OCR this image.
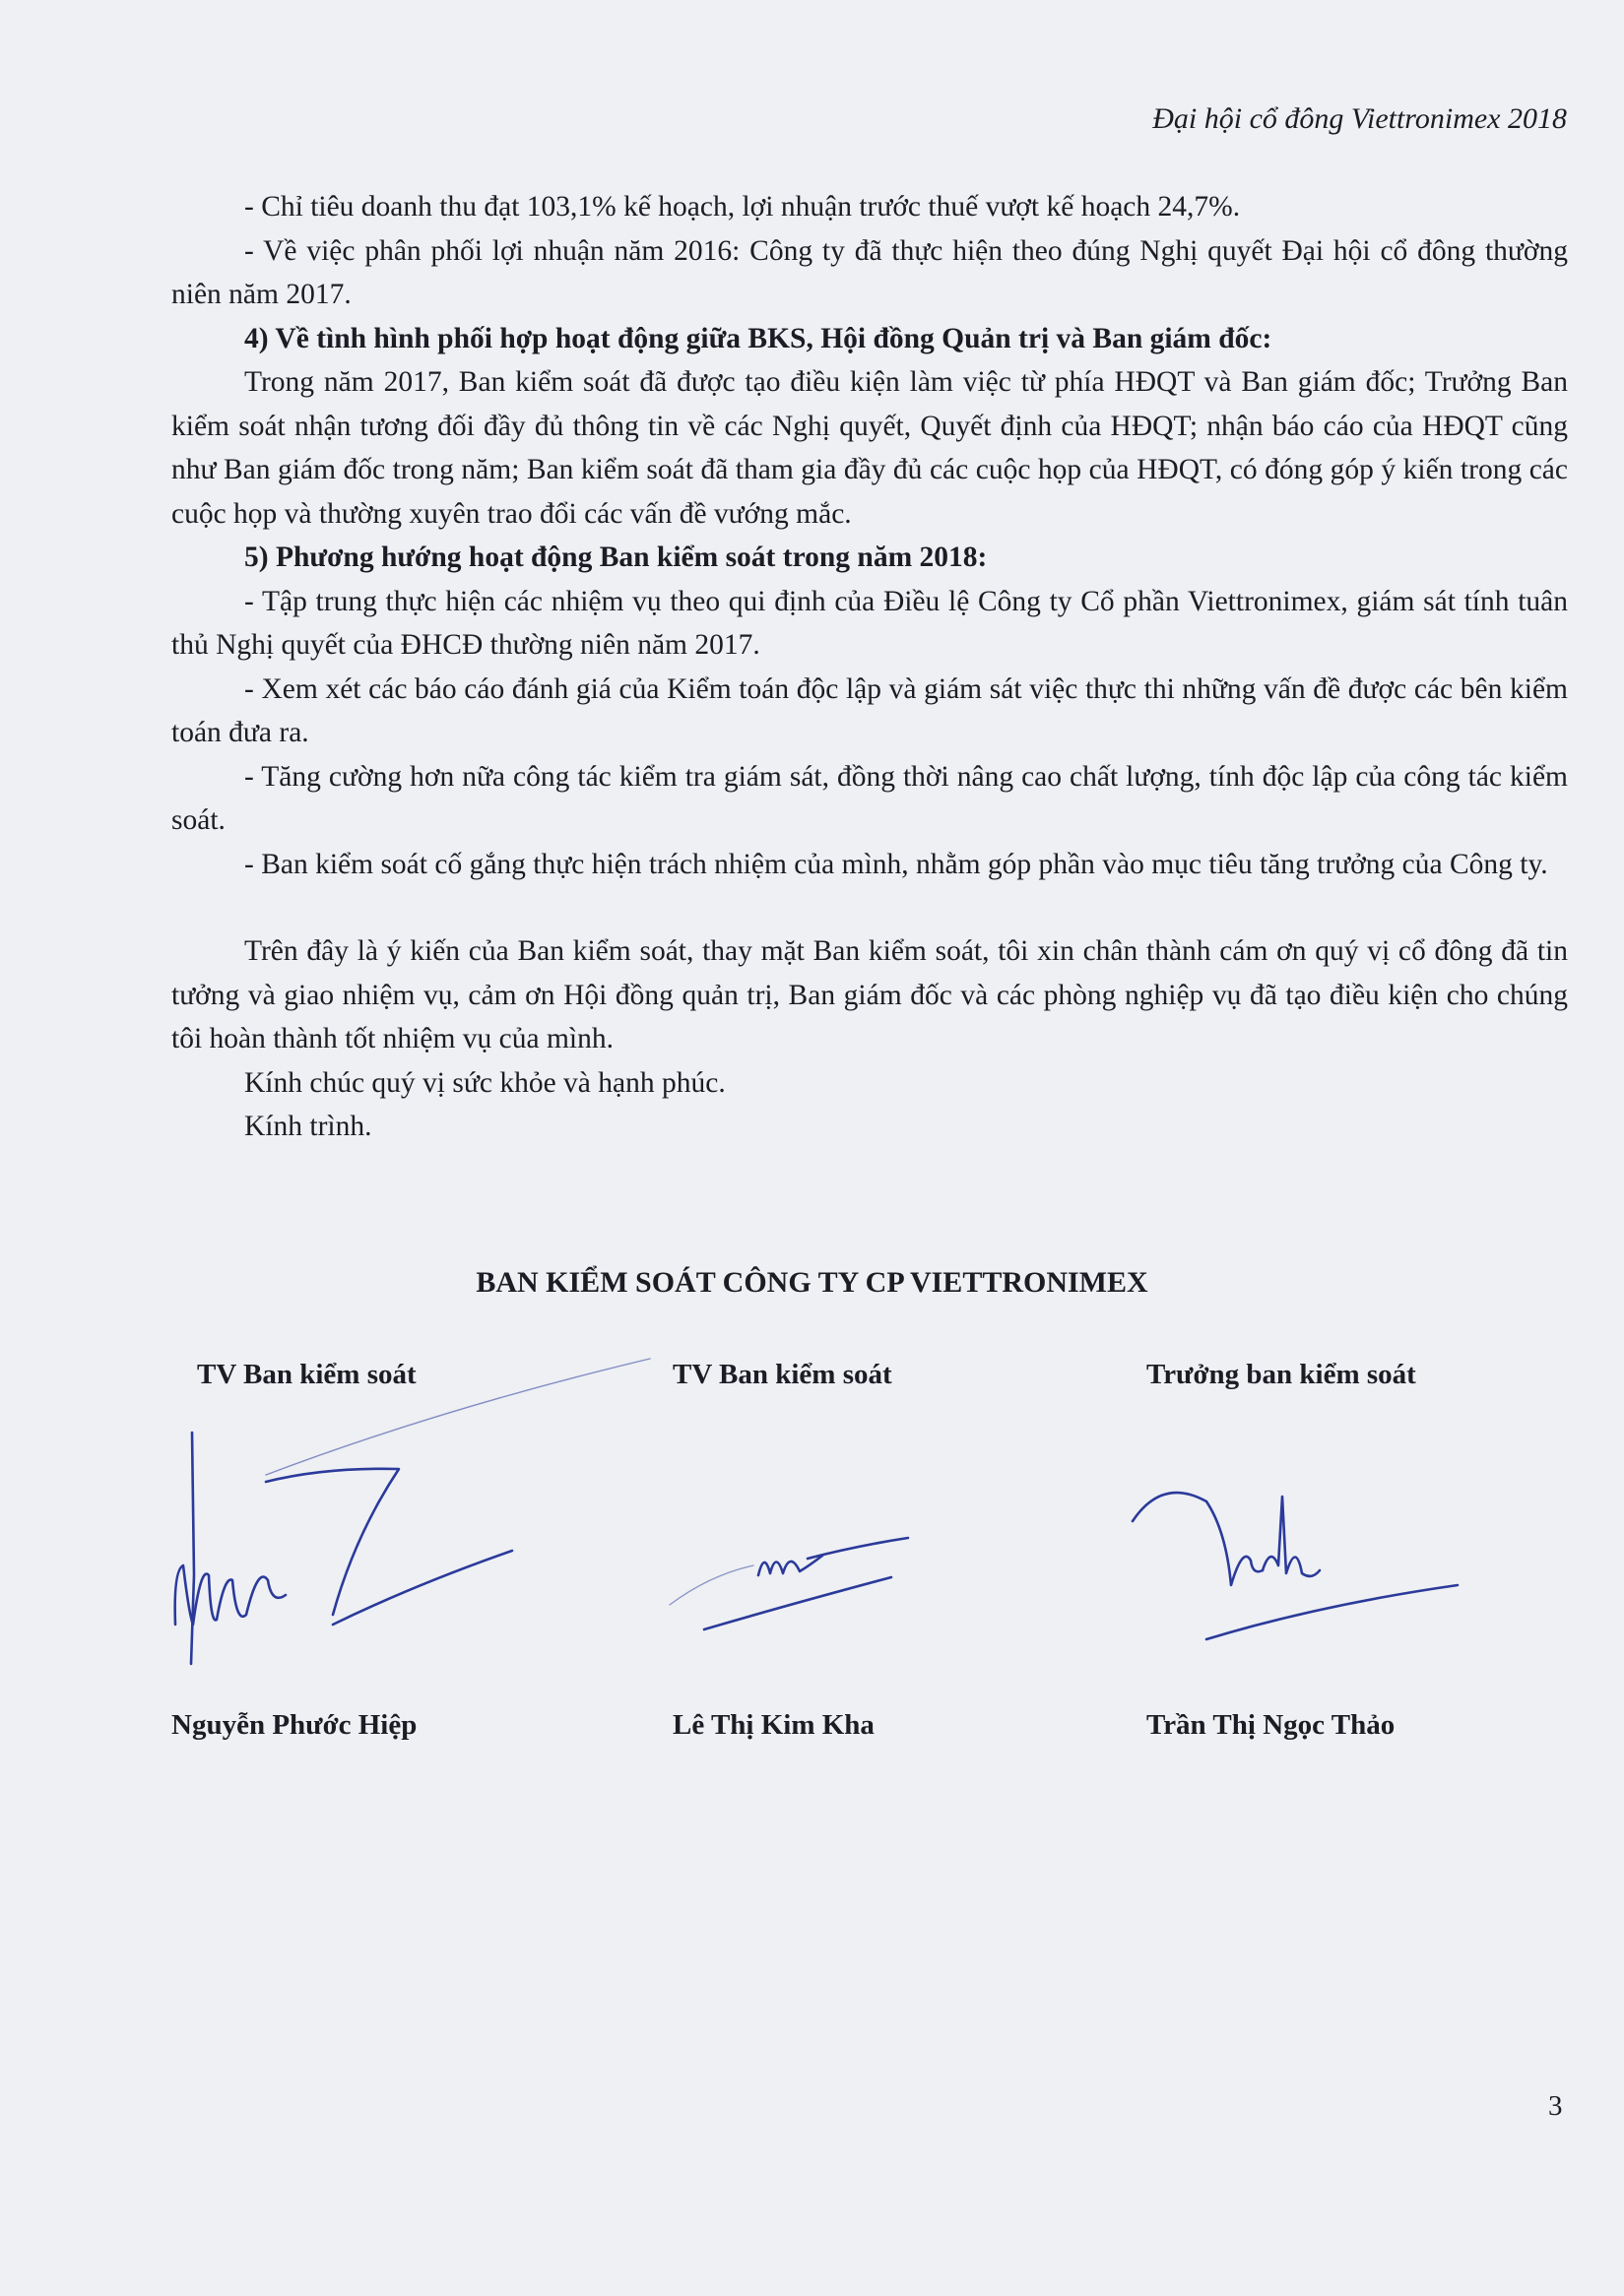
Đại hội cổ đông Viettronimex 2018

- Chỉ tiêu doanh thu đạt 103,1% kế hoạch, lợi nhuận trước thuế vượt kế hoạch 24,7%.

- Về việc phân phối lợi nhuận năm 2016: Công ty đã thực hiện theo đúng Nghị quyết Đại hội cổ đông thường niên năm 2017.

4) Về tình hình phối hợp hoạt động giữa BKS, Hội đồng Quản trị và Ban giám đốc:

Trong năm 2017, Ban kiểm soát đã được tạo điều kiện làm việc từ phía HĐQT và Ban giám đốc; Trưởng Ban kiểm soát nhận tương đối đầy đủ thông tin về các Nghị quyết, Quyết định của HĐQT; nhận báo cáo của HĐQT cũng như Ban giám đốc trong năm; Ban kiểm soát đã tham gia đầy đủ các cuộc họp của HĐQT, có đóng góp ý kiến trong các cuộc họp và thường xuyên trao đổi các vấn đề vướng mắc.

5) Phương hướng hoạt động Ban kiểm soát trong năm 2018:

- Tập trung thực hiện các nhiệm vụ theo qui định của Điều lệ Công ty Cổ phần Viettronimex, giám sát tính tuân thủ Nghị quyết của ĐHCĐ thường niên năm 2017.

- Xem xét các báo cáo đánh giá của Kiểm toán độc lập và giám sát việc thực thi những vấn đề được các bên kiểm toán đưa ra.

- Tăng cường hơn nữa công tác kiểm tra giám sát, đồng thời nâng cao chất lượng, tính độc lập của công tác kiểm soát.

- Ban kiểm soát cố gắng thực hiện trách nhiệm của mình, nhằm góp phần vào mục tiêu tăng trưởng của Công ty.

Trên đây là ý kiến của Ban kiểm soát, thay mặt Ban kiểm soát, tôi xin chân thành cám ơn quý vị cổ đông đã tin tưởng và giao nhiệm vụ, cảm ơn Hội đồng quản trị, Ban giám đốc và các phòng nghiệp vụ đã tạo điều kiện cho chúng tôi hoàn thành tốt nhiệm vụ của mình.

Kính chúc quý vị sức khỏe và hạnh phúc.

Kính trình.

BAN KIỂM SOÁT CÔNG TY CP VIETTRONIMEX
TV Ban kiểm soát	TV Ban kiểm soát	Trưởng ban kiểm soát
Nguyễn Phước Hiệp	Lê Thị Kim Kha	Trần Thị Ngọc Thảo
3
